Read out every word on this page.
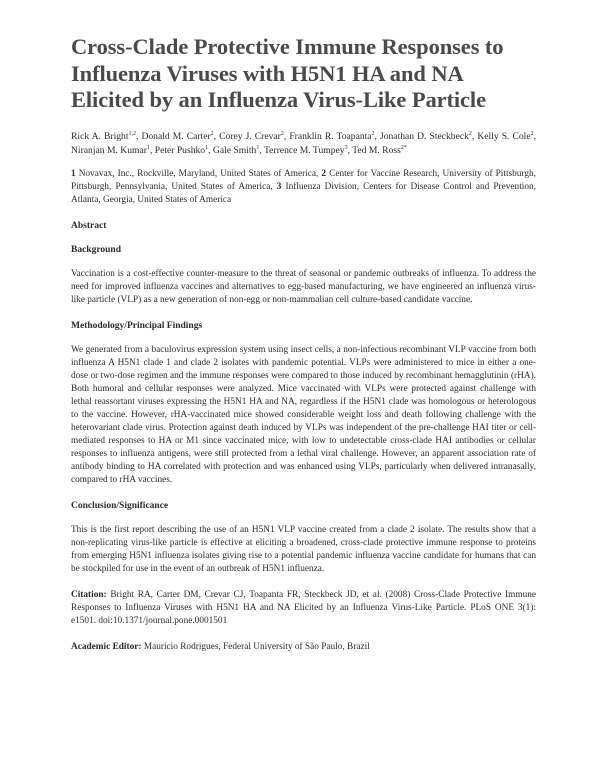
Cross-Clade Protective Immune Responses to Influenza Viruses with H5N1 HA and NA Elicited by an Influenza Virus-Like Particle
Rick A. Bright$^{1,2}$, Donald M. Carter$^2$, Corey J. Crevar$^2$, Franklin R. Toapanta$^2$, Jonathan D. Steckbeck$^2$, Kelly S. Cole$^2$, Niranjan M. Kumar$^1$, Peter Pushko$^1$, Gale Smith$^1$, Terrence M. Tumpey$^3$, Ted M. Ross$^{2*}$
1 Novavax, Inc., Rockville, Maryland, United States of America, 2 Center for Vaccine Research, University of Pittsburgh, Pittsburgh, Pennsylvania, United States of America, 3 Influenza Division, Centers for Disease Control and Prevention, Atlanta, Georgia, United States of America
Abstract
Background

Vaccination is a cost-effective counter-measure to the threat of seasonal or pandemic outbreaks of influenza. To address the need for improved influenza vaccines and alternatives to egg-based manufacturing, we have engineered an influenza virus-like particle (VLP) as a new generation of non-egg or non-mammalian cell culture-based candidate vaccine.

Methodology/Principal Findings

We generated from a baculovirus expression system using insect cells, a non-infectious recombinant VLP vaccine from both influenza A H5N1 clade 1 and clade 2 isolates with pandemic potential. VLPs were administered to mice in either a one-dose or two-dose regimen and the immune responses were compared to those induced by recombinant hemagglutinin (rHA). Both humoral and cellular responses were analyzed. Mice vaccinated with VLPs were protected against challenge with lethal reassortant viruses expressing the H5N1 HA and NA, regardless if the H5N1 clade was homologous or heterologous to the vaccine. However, rHA-vaccinated mice showed considerable weight loss and death following challenge with the heterovariant clade virus. Protection against death induced by VLPs was independent of the pre-challenge HAI titer or cell-mediated responses to HA or M1 since vaccinated mice, with low to undetectable cross-clade HAI antibodies or cellular responses to influenza antigens, were still protected from a lethal viral challenge. However, an apparent association rate of antibody binding to HA correlated with protection and was enhanced using VLPs, particularly when delivered intranasally, compared to rHA vaccines.

Conclusion/Significance

This is the first report describing the use of an H5N1 VLP vaccine created from a clade 2 isolate. The results show that a non-replicating virus-like particle is effective at eliciting a broadened, cross-clade protective immune response to proteins from emerging H5N1 influenza isolates giving rise to a potential pandemic influenza vaccine candidate for humans that can be stockpiled for use in the event of an outbreak of H5N1 influenza.

Citation: Bright RA, Carter DM, Crevar CJ, Toapanta FR, Steckbeck JD, et al. (2008) Cross-Clade Protective Immune Responses to Influenza Viruses with H5N1 HA and NA Elicited by an Influenza Virus-Like Particle. PLoS ONE 3(1): e1501. doi:10.1371/journal.pone.0001501

Academic Editor: Mauricio Rodrigues, Federal University of São Paulo, Brazil
